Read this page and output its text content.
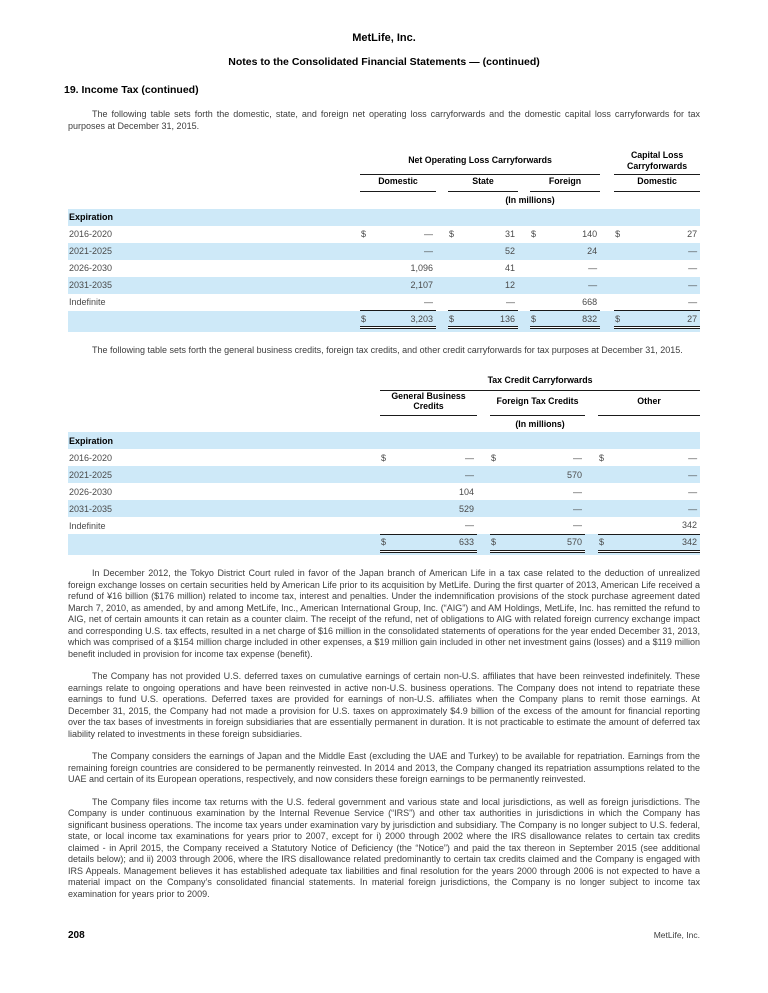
MetLife, Inc.
Notes to the Consolidated Financial Statements — (continued)
19. Income Tax (continued)

The following table sets forth the domestic, state, and foreign net operating loss carryforwards and the domestic capital loss carryforwards for tax purposes at December 31, 2015.

	Net Operating Loss Carryforwards									Capital Loss Carryforwards	
	Domestic			State			Foreign			Domestic	
	(In millions)										
Expiration											
2016-2020	$	—		$	31		$	140		$	27
2021-2025		—			52			24			—
2026-2030		1,096			41			—			—
2031-2035		2,107			12			—			—
Indefinite		—			—			668			—
	$	3,203		$	136		$	832		$	27

The following table sets forth the general business credits, foreign tax credits, and other credit carryforwards for tax purposes at December 31, 2015.

	Tax Credit Carryforwards							
	General Business Credits			Foreign Tax Credits			Other	
	(In millions)							
Expiration								
2016-2020	$	—		$	—		$	—
2021-2025		—			570			—
2026-2030		104			—			—
2031-2035		529			—			—
Indefinite		—			—			342
	$	633		$	570		$	342

In December 2012, the Tokyo District Court ruled in favor of the Japan branch of American Life in a tax case related to the deduction of unrealized foreign exchange losses on certain securities held by American Life prior to its acquisition by MetLife. During the first quarter of 2013, American Life received a refund of ¥16 billion ($176 million) related to income tax, interest and penalties. Under the indemnification provisions of the stock purchase agreement dated March 7, 2010, as amended, by and among MetLife, Inc., American International Group, Inc. (“AIG”) and AM Holdings, MetLife, Inc. has remitted the refund to AIG, net of certain amounts it can retain as a counter claim. The receipt of the refund, net of obligations to AIG with related foreign currency exchange impact and corresponding U.S. tax effects, resulted in a net charge of $16 million in the consolidated statements of operations for the year ended December 31, 2013, which was comprised of a $154 million charge included in other expenses, a $19 million gain included in other net investment gains (losses) and a $119 million benefit included in provision for income tax expense (benefit).

The Company has not provided U.S. deferred taxes on cumulative earnings of certain non-U.S. affiliates that have been reinvested indefinitely. These earnings relate to ongoing operations and have been reinvested in active non-U.S. business operations. The Company does not intend to repatriate these earnings to fund U.S. operations. Deferred taxes are provided for earnings of non-U.S. affiliates when the Company plans to remit those earnings. At December 31, 2015, the Company had not made a provision for U.S. taxes on approximately $4.9 billion of the excess of the amount for financial reporting over the tax bases of investments in foreign subsidiaries that are essentially permanent in duration. It is not practicable to estimate the amount of deferred tax liability related to investments in these foreign subsidiaries.

The Company considers the earnings of Japan and the Middle East (excluding the UAE and Turkey) to be available for repatriation. Earnings from the remaining foreign countries are considered to be permanently reinvested. In 2014 and 2013, the Company changed its repatriation assumptions related to the UAE and certain of its European operations, respectively, and now considers these foreign earnings to be permanently reinvested.

The Company files income tax returns with the U.S. federal government and various state and local jurisdictions, as well as foreign jurisdictions. The Company is under continuous examination by the Internal Revenue Service (“IRS”) and other tax authorities in jurisdictions in which the Company has significant business operations. The income tax years under examination vary by jurisdiction and subsidiary. The Company is no longer subject to U.S. federal, state, or local income tax examinations for years prior to 2007, except for i) 2000 through 2002 where the IRS disallowance relates to certain tax credits claimed - in April 2015, the Company received a Statutory Notice of Deficiency (the “Notice”) and paid the tax thereon in September 2015 (see additional details below); and ii) 2003 through 2006, where the IRS disallowance related predominantly to certain tax credits claimed and the Company is engaged with IRS Appeals. Management believes it has established adequate tax liabilities and final resolution for the years 2000 through 2006 is not expected to have a material impact on the Company’s consolidated financial statements. In material foreign jurisdictions, the Company is no longer subject to income tax examination for years prior to 2009.

208	MetLife, Inc.
